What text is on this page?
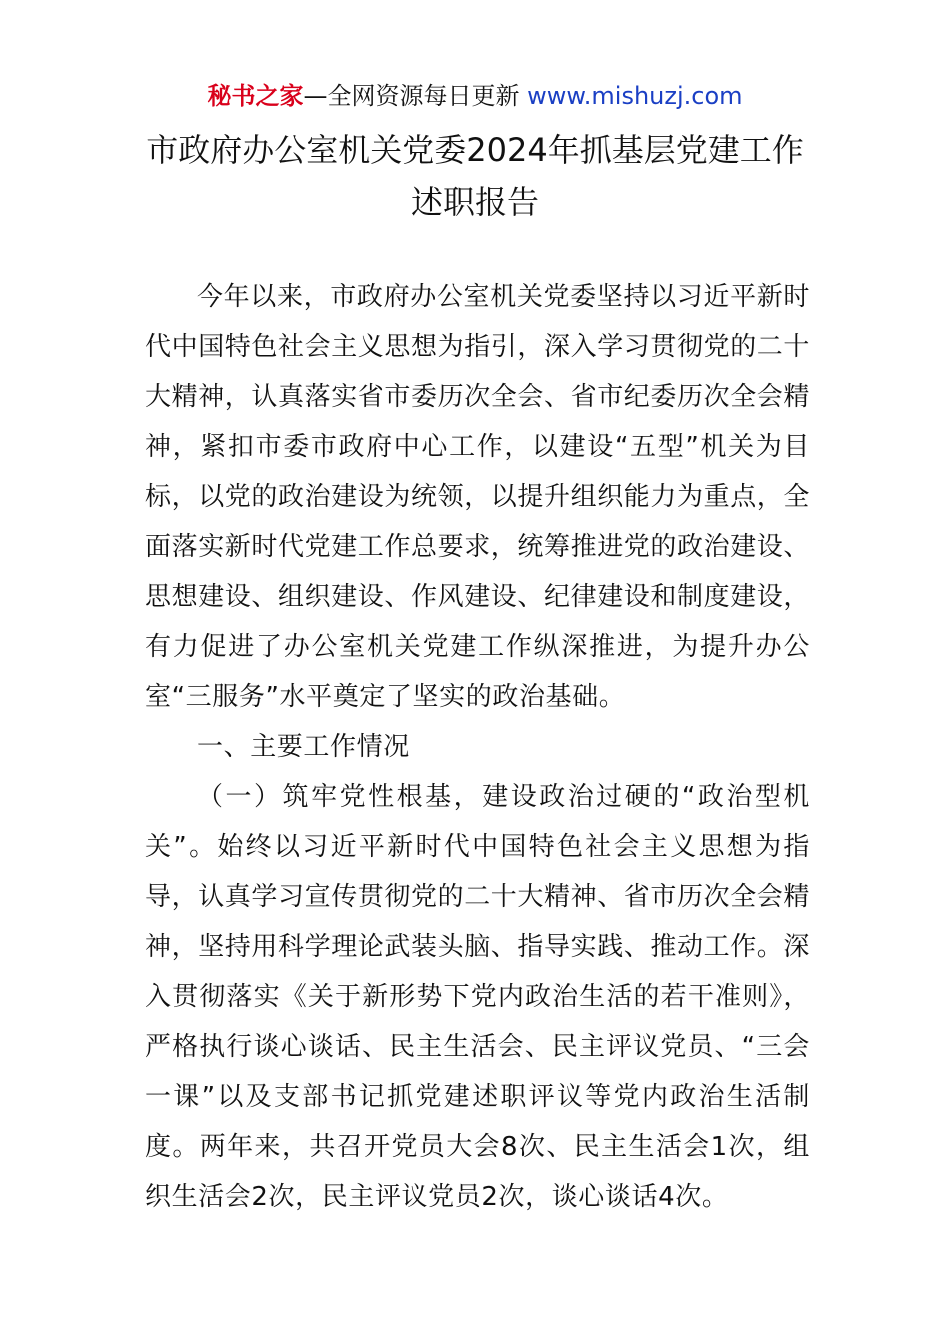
秘书之家—全网资源每日更新 www.mishuzj.com
市政府办公室机关党委2024年抓基层党建工作
述职报告

今年以来，市政府办公室机关党委坚持以习近平新时代中国特色社会主义思想为指引，深入学习贯彻党的二十大精神，认真落实省市委历次全会、省市纪委历次全会精神，紧扣市委市政府中心工作，以建设“五型”机关为目标，以党的政治建设为统领，以提升组织能力为重点，全面落实新时代党建工作总要求，统筹推进党的政治建设、思想建设、组织建设、作风建设、纪律建设和制度建设，有力促进了办公室机关党建工作纵深推进，为提升办公室“三服务”水平奠定了坚实的政治基础。

一、主要工作情况

（一）筑牢党性根基，建设政治过硬的“政治型机关”。始终以习近平新时代中国特色社会主义思想为指导，认真学习宣传贯彻党的二十大精神、省市历次全会精神，坚持用科学理论武装头脑、指导实践、推动工作。深入贯彻落实《关于新形势下党内政治生活的若干准则》，严格执行谈心谈话、民主生活会、民主评议党员、“三会一课”以及支部书记抓党建述职评议等党内政治生活制度。两年来，共召开党员大会8次、民主生活会1次，组织生活会2次，民主评议党员2次，谈心谈话4次。
